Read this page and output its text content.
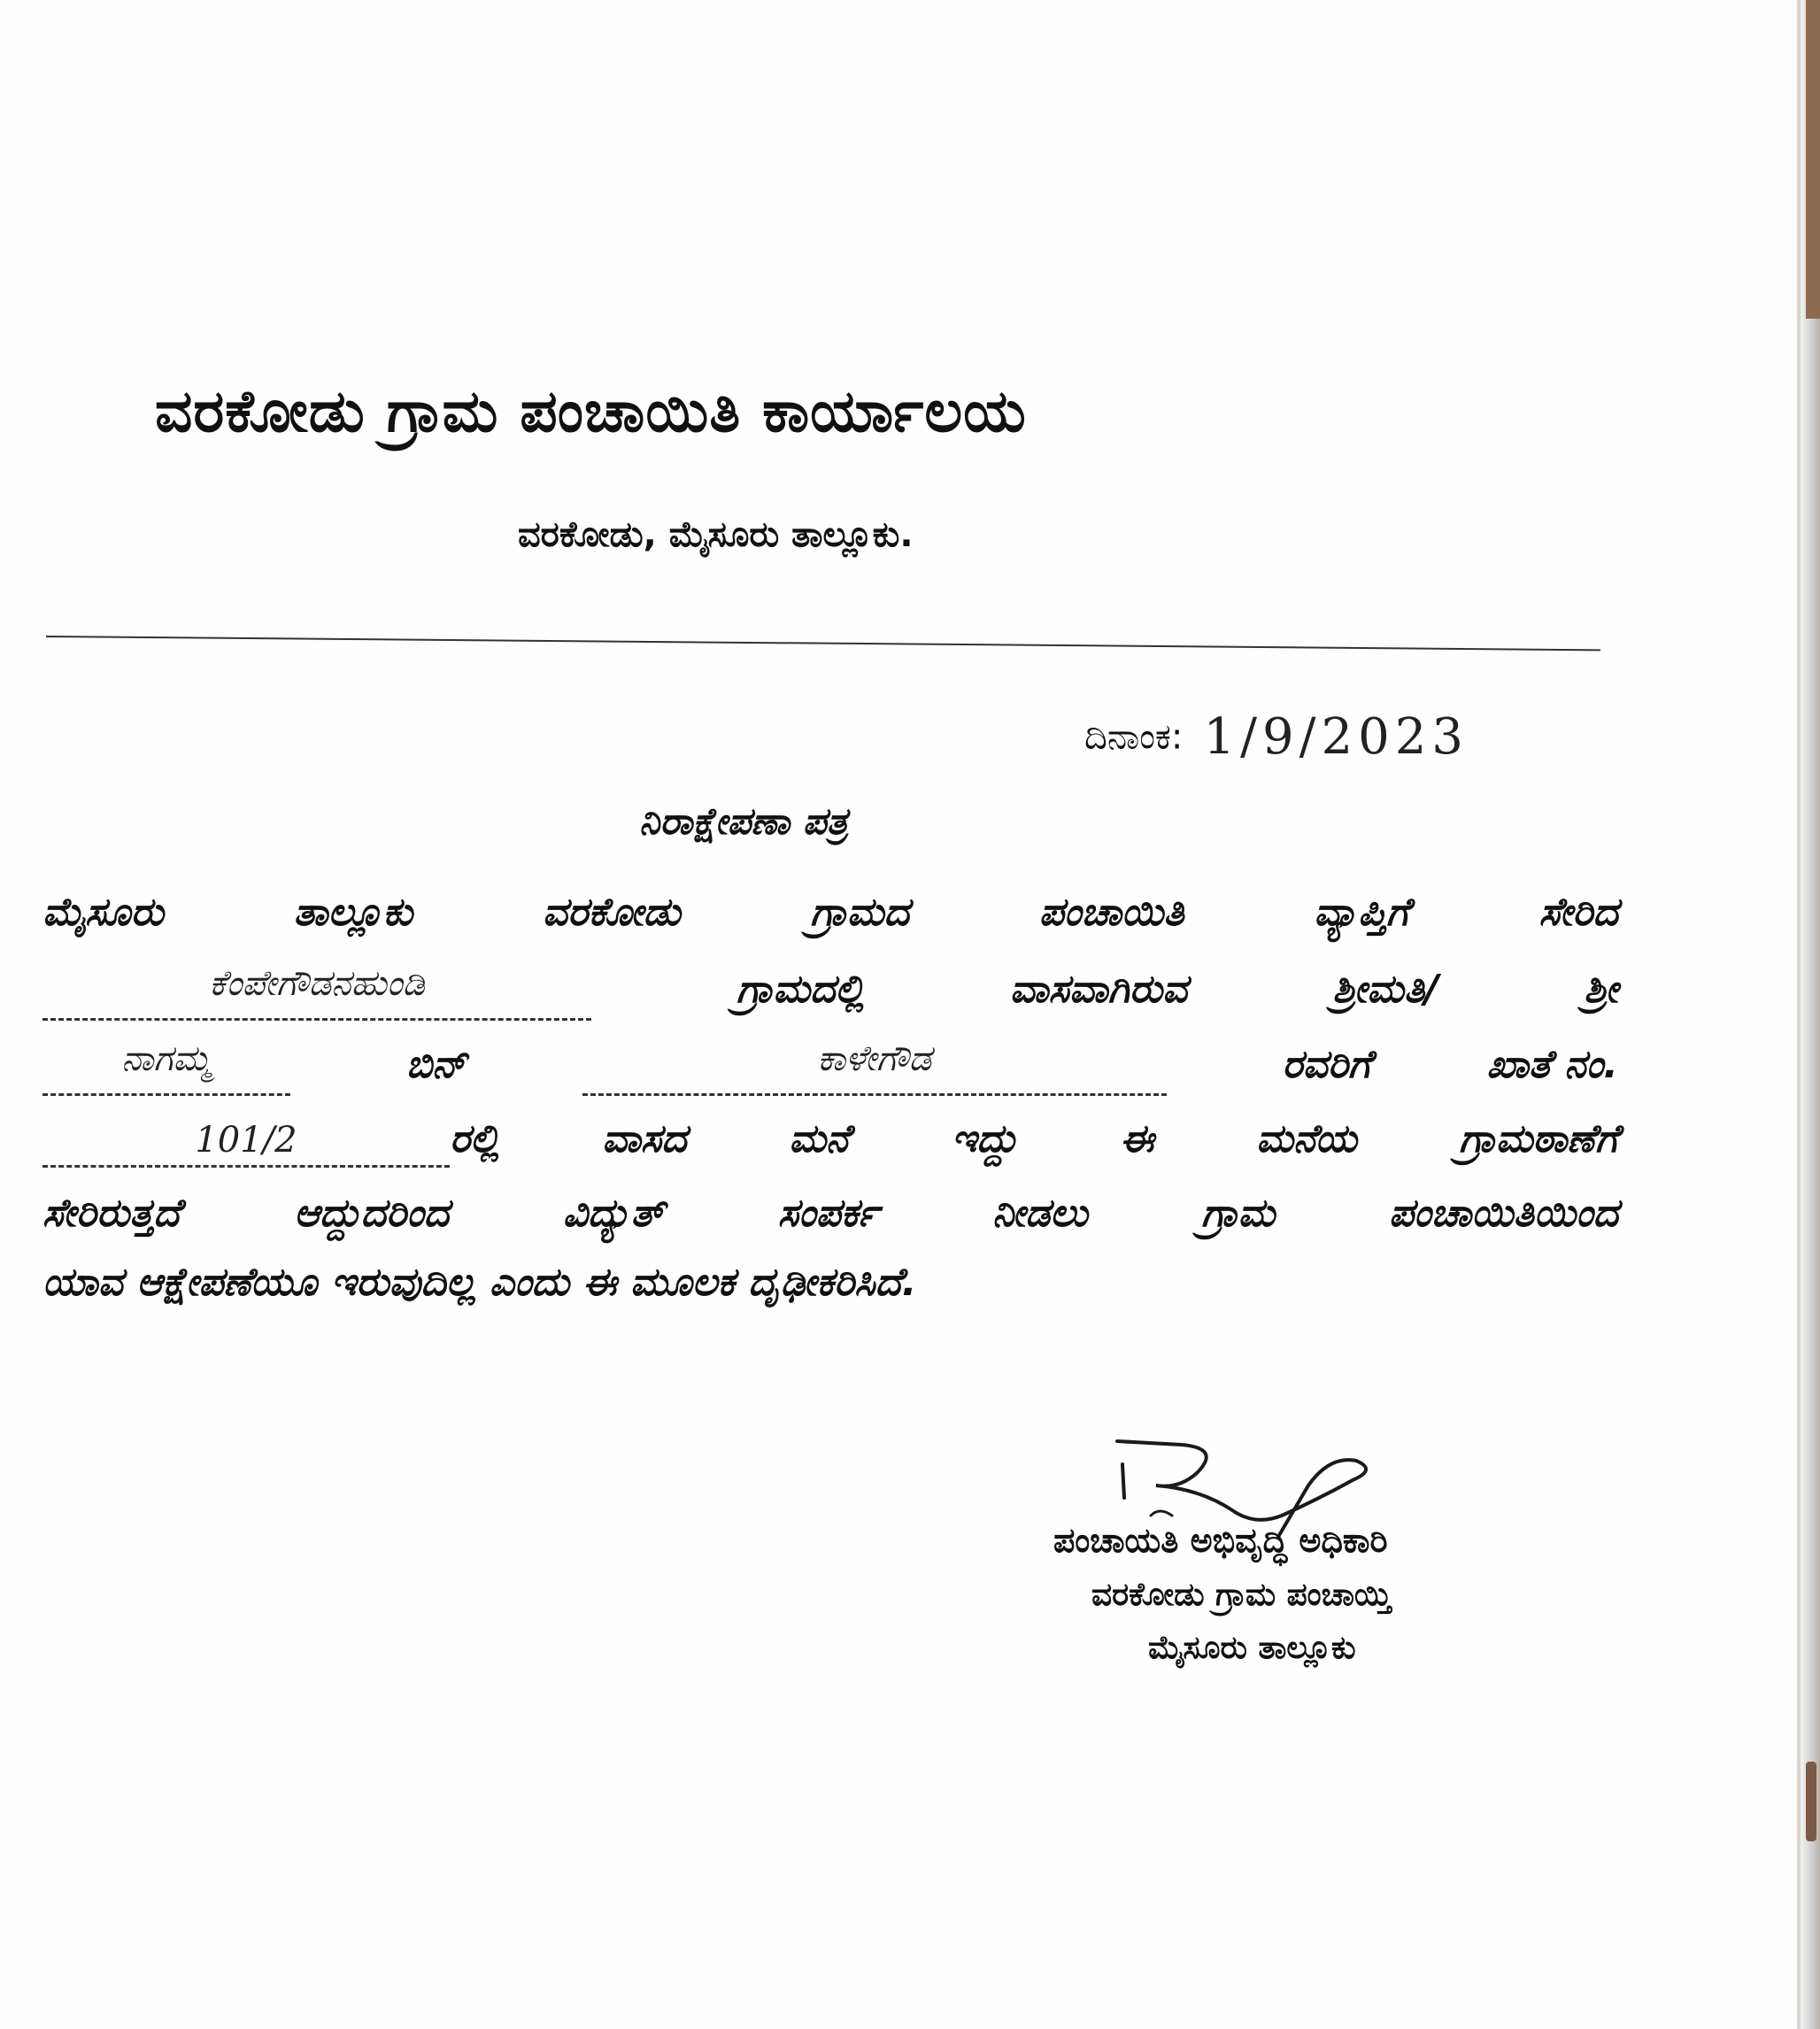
ವರಕೋಡು ಗ್ರಾಮ ಪಂಚಾಯಿತಿ ಕಾರ್ಯಾಲಯ
ವರಕೋಡು, ಮೈಸೂರು ತಾಲ್ಲೂಕು.
ದಿನಾಂಕ: 1/9/2023
ನಿರಾಕ್ಷೇಪಣಾ ಪತ್ರ
ಮೈಸೂರು	ತಾಲ್ಲೂಕು	ವರಕೋಡು	ಗ್ರಾಮದ	ಪಂಚಾಯಿತಿ	ವ್ಯಾಪ್ತಿಗೆ	ಸೇರಿದ
ಕೆಂಪೇಗೌಡನಹುಂಡಿ	ಗ್ರಾಮದಲ್ಲಿ	ವಾಸವಾಗಿರುವ	ಶ್ರೀಮತಿ/	ಶ್ರೀ
ನಾಗಮ್ಮ	ಬಿನ್	ಕಾಳೇಗೌಡ	ರವರಿಗೆ	ಖಾತೆ ನಂ.
101/2	ರಲ್ಲಿ	ವಾಸದ	ಮನೆ	ಇದ್ದು	ಈ	ಮನೆಯ	ಗ್ರಾಮಠಾಣೆಗೆ
ಸೇರಿರುತ್ತದೆ	ಆದ್ದುದರಿಂದ	ವಿದ್ಯುತ್	ಸಂಪರ್ಕ	ನೀಡಲು	ಗ್ರಾಮ	ಪಂಚಾಯಿತಿಯಿಂದ
ಯಾವ ಆಕ್ಷೇಪಣೆಯೂ ಇರುವುದಿಲ್ಲ ಎಂದು ಈ ಮೂಲಕ ದೃಢೀಕರಿಸಿದೆ.
ಪಂಚಾಯತಿ ಅಭಿವೃದ್ಧಿ ಅಧಿಕಾರಿ
ವರಕೋಡು ಗ್ರಾಮ ಪಂಚಾಯ್ತಿ
ಮೈಸೂರು ತಾಲ್ಲೂಕು
